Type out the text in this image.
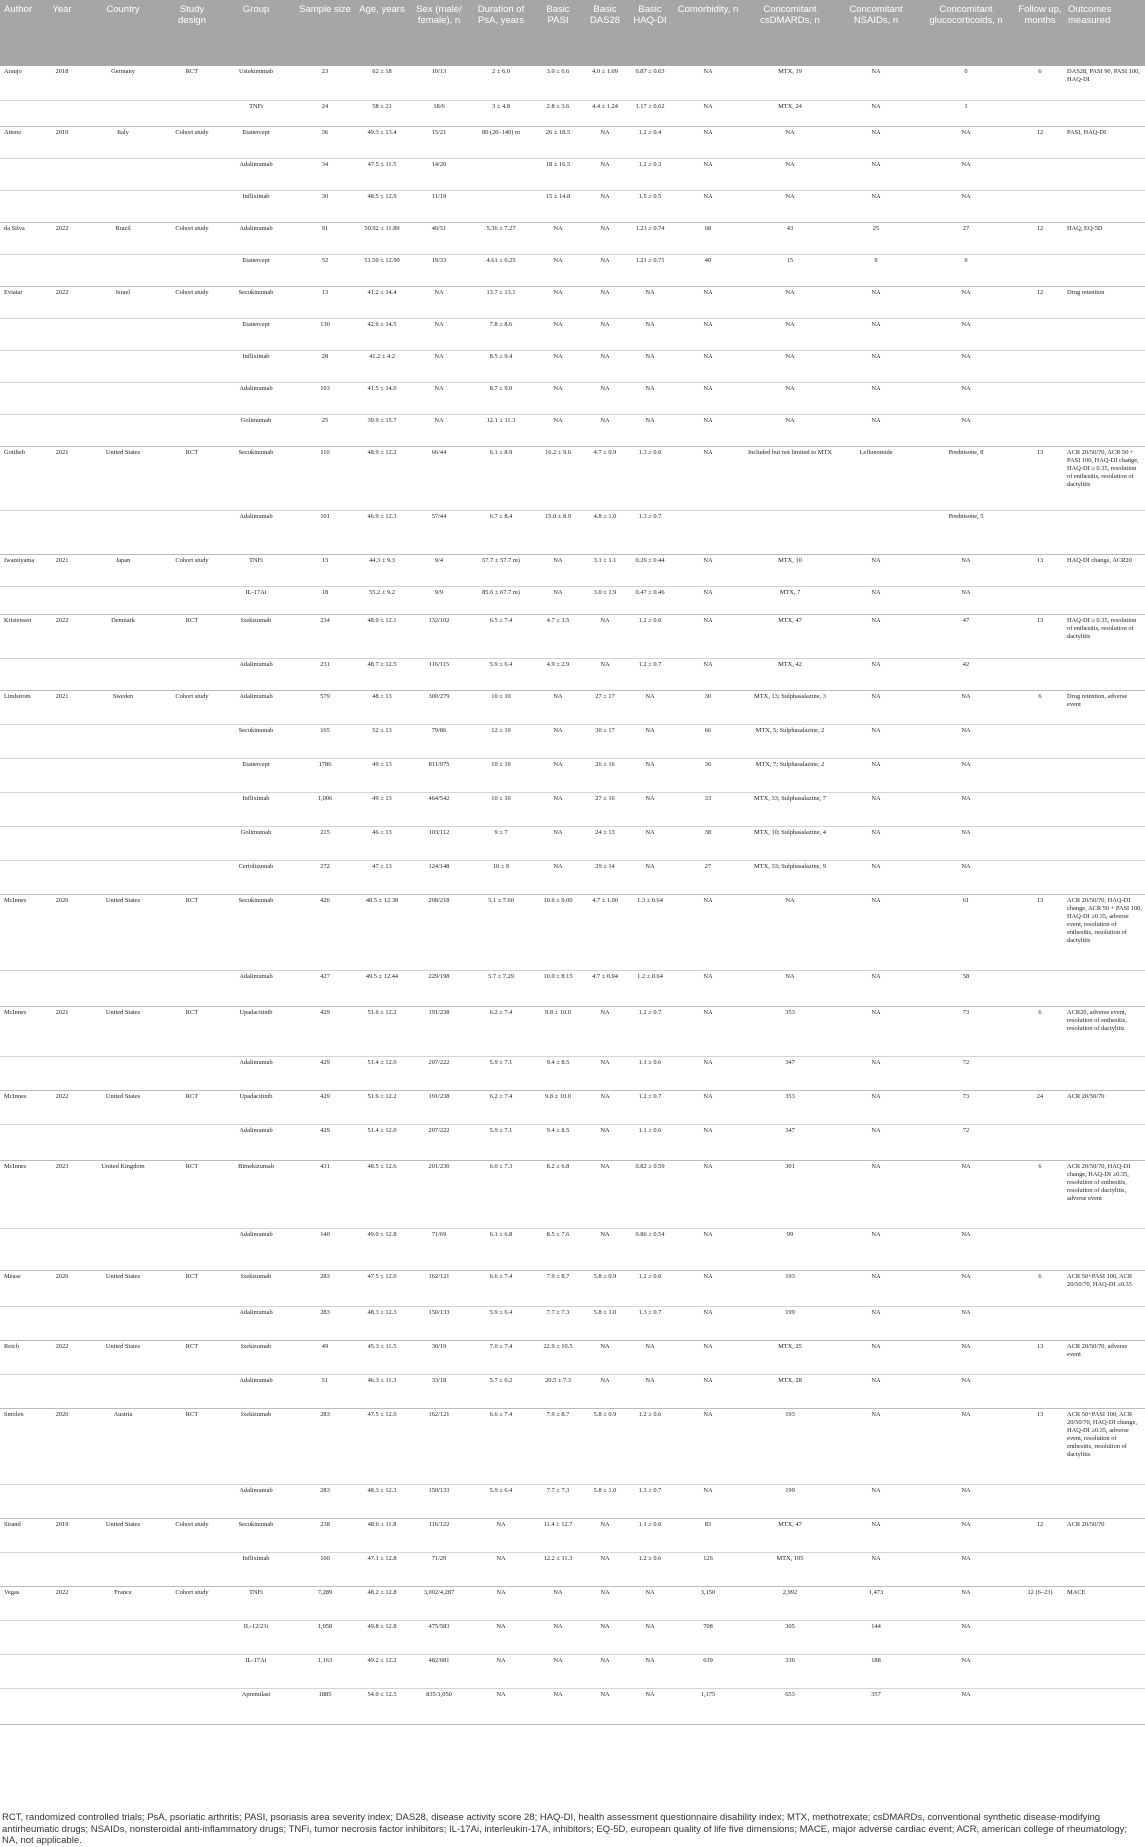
Author	Year	Country	Study design	Group	Sample size	Age, years	Sex (male/ female), n	Duration of PsA, years	Basic PASI	Basic DAS28	Basic HAQ-DI	Comorbidity, n	Concomitant csDMARDs, n	Concomitant NSAIDs, n	Concomitant glucocorticoids, n	Follow up, months	Outcomes measured
Araujo	2018	Germany	RCT	Ustekinumab	23	62 ± 18	10/13	2 ± 6.0	3.0 ± 6.6	4.0 ± 1.09	0.87 ± 0.63	NA	MTX, 19	NA	0	6	DAS28, PASI 90, PASI 100, HAQ-DI
				TNFi	24	58 ± 21	18/6	3 ± 4.8	2.8 ± 3.6	4.4 ± 1.24	1.17 ± 0.62	NA	MTX, 24	NA	1		
Atteno	2010	Italy	Cohort study	Etanercept	36	49.3 ± 13.4	15/21	80 (20–140) m	26 ± 18.5	NA	1.2 ± 0.4	NA	NA	NA	NA	12	PASI, HAQ-DI
				Adalimumab	34	47.5 ± 11.5	14/20		18 ± 16.5	NA	1.2 ± 0.3	NA	NA	NA	NA		
				Infliximab	30	48.5 ± 12.9	11/19		15 ± 14.8	NA	1.5 ± 0.5	NA	NA	NA	NA		
da Silva	2022	Brazil	Cohort study	Adalimumab	91	50.92 ± 11.89	40/51	5.36 ± 7.27	NA	NA	1.23 ± 0.74	68	43	25	27	12	HAQ, EQ-5D
				Etanercept	52	51.50 ± 12.90	19/33	4.61 ± 6.25	NA	NA	1.21 ± 0.71	40	15	9	9		
Eviatar	2022	Israel	Cohort study	Secukinumab	13	41.2 ± 14.4	NA	13.7 ± 13.1	NA	NA	NA	NA	NA	NA	NA	12	Drug retention
				Etanercept	130	42.6 ± 14.5	NA	7.8 ± 8.6	NA	NA	NA	NA	NA	NA	NA		
				Infliximab	28	41.2 ± 4.2	NA	8.5 ± 9.4	NA	NA	NA	NA	NA	NA	NA		
				Adalimumab	103	41.5 ± 14.0	NA	8.7 ± 9.0	NA	NA	NA	NA	NA	NA	NA		
				Golimumab	25	39.9 ± 15.7	NA	12.1 ± 11.3	NA	NA	NA	NA	NA	NA	NA		
Gottlieb	2021	United States	RCT	Secukinumab	110	48.9 ± 12.2	66/44	6.1 ± 8.9	16.2 ± 9.6	4.7 ± 0.9	1.3 ± 0.6	NA	Included but not limited to MTX	Leflunomide	Prednisone, 8	13	ACR 20/50/70, ACR 50 + PASI 100, HAQ-DI change, HAQ-DI ≥ 0.35, resolution of enthesitis, resolution of dactylitis
				Adalimumab	101	46.9 ± 12.3	57/44	6.7 ± 8.4	15.0 ± 8.9	4.8 ± 1.0	1.3 ± 0.7				Prednisone, 5		
Iwamiyama	2021	Japan	Cohort study	TNFi	13	44.3 ± 9.3	9/4	57.7 ± 57.7 m)	NA	3.1 ± 1.1	0.26 ± 0.44	NA	MTX, 10	NA	NA	13	HAQ-DI change, ACR20
				IL-17Ai	18	55.2 ± 9.2	9/9	85.6 ± 67.7 m)	NA	3.0 ± 1.9	0.47 ± 0.46	NA	MTX, 7	NA	NA		
Kristensen	2022	Denmark	RCT	Ixekizumab	234	48.0 ± 12.1	132/102	6.5 ± 7.4	4.7 ± 3.5	NA	1.2 ± 0.6	NA	MTX, 47	NA	47	13	HAQ-DI ≥ 0.35, resolution of enthesitis, resolution of dactylitis
				Adalimumab	231	48.7 ± 12.5	116/115	5.9 ± 6.4	4.9 ± 2.9	NA	1.2 ± 0.7	NA	MTX, 42	NA	42		
Lindstrom	2021	Sweden	Cohort study	Adalimumab	579	48 ± 13	300/279	10 ± 10	NA	27 ± 17	NA	30	MTX, 13; Sulphasalazine, 3	NA	NA	6	Drug retention, adverse event
				Secukinumab	165	52 ± 13	79/86	12 ± 10	NA	30 ± 17	NA	66	MTX, 5; Sulphasalazine, 2	NA	NA		
				Etanercept	1786	49 ± 13	811/975	10 ± 10	NA	26 ± 16	NA	36	MTX, 7; Sulphasalazine, 2	NA	NA		
				Infliximab	1,006	49 ± 13	464/542	10 ± 10	NA	27 ± 16	NA	33	MTX, 33; Sulphasalazine, 7	NA	NA		
				Golimumab	215	46 ± 13	103/112	9 ± 7	NA	24 ± 13	NA	38	MTX, 10; Sulphasalazine, 4	NA	NA		
				Certolizumab	272	47 ± 13	124/148	10 ± 9	NA	29 ± 14	NA	27	MTX, 33; Sulphasalazine, 9	NA	NA		
McInnes	2020	United States	RCT	Secukinumab	426	48.5 ± 12.38	208/218	5.1 ± 7.60	10.6 ± 9.00	4.7 ± 1.00	1.3 ± 0.64	NA	NA	NA	61	13	ACR 20/50/70, HAQ-DI change, ACR 50 + PASI 100, HAQ-DI ≥0.35, adverse event, resolution of enthesitis, resolution of dactylitis
				Adalimumab	427	49.5 ± 12.44	229/198	5.7 ± 7.29	10.0 ± 8.15	4.7 ± 0.94	1.2 ± 0.64	NA	NA	NA	58		
McInnes	2021	United States	RCT	Upadacitinib	429	51.6 ± 12.2	191/238	6.2 ± 7.4	9.8 ± 10.0	NA	1.2 ± 0.7	NA	353	NA	73	6	ACR20, adverse event, resolution of enthesitis, resolution of dactylitis
				Adalimumab	429	51.4 ± 12.0	207/222	5.9 ± 7.1	9.4 ± 8.5	NA	1.1 ± 0.6	NA	347	NA	72		
McInnes	2022	United States	RCT	Upadacitinib	429	51.6 ± 12.2	191/238	6.2 ± 7.4	9.8 ± 10.0	NA	1.2 ± 0.7	NA	353	NA	73	24	ACR 20/50/70
				Adalimumab	429	51.4 ± 12.0	207/222	5.9 ± 7.1	9.4 ± 8.5	NA	1.1 ± 0.6	NA	347	NA	72		
McInnes	2023	United Kingdom	RCT	Bimekizumab	431	48.5 ± 12.6	201/230	6.0 ± 7.3	8.2 ± 6.8	NA	0.82 ± 0.59	NA	301	NA	NA	6	ACR 20/50/70, HAQ-DI change, HAQ-DI ≥0.35, resolution of enthesitis, resolution of dactylitis, adverse event
				Adalimumab	140	49.0 ± 12.8	71/69	6.1 ± 6.8	8.5 ± 7.6	NA	0.86 ± 0.54	NA	99	NA	NA		
Mease	2020	United States	RCT	Ixekizumab	283	47.5 ± 12.0	162/121	6.6 ± 7.4	7.9 ± 8.7	5.8 ± 0.9	1.2 ± 0.6	NA	193	NA	NA	6	ACR 50+PASI 100, ACR 20/50/70, HAQ-DI ≥0.35
				Adalimumab	283	48.3 ± 12.3	150/133	5.9 ± 6.4	7.7 ± 7.3	5.8 ± 1.0	1.3 ± 0.7	NA	199	NA	NA		
Reich	2022	United States	RCT	Ixekizumab	49	45.3 ± 11.5	30/19	7.0 ± 7.4	22.9 ± 10.5	NA	NA	NA	MTX, 25	NA	NA	13	ACR 20/50/70, adverse event
				Adalimumab	51	46.3 ± 11.3	33/18	5.7 ± 6.2	20.5 ± 7.3	NA	NA	NA	MTX, 28	NA	NA		
Smolen	2020	Austria	RCT	Ixekizumab	283	47.5 ± 12.0	162/121	6.6 ± 7.4	7.9 ± 8.7	5.8 ± 0.9	1.2 ± 0.6	NA	193	NA	NA	13	ACR 50+PASI 100, ACR 20/50/70, HAQ-DI change, HAQ-DI ≥0.35, adverse event, resolution of enthesitis, resolution of dactylitis
				Adalimumab	283	48.3 ± 12.3	150/133	5.9 ± 6.4	7.7 ± 7.3	5.8 ± 1.0	1.3 ± 0.7	NA	199	NA	NA		
Strand	2019	United States	Cohort study	Secukinumab	238	48.6 ± 11.8	116/122	NA	11.4 ± 12.7	NA	1.1 ± 0.6	83	MTX, 47	NA	NA	12	ACR 20/50/70
				Infliximab	100	47.1 ± 12.8	71/29	NA	12.2 ± 11.3	NA	1.2 ± 0.6	126	MTX, 105	NA	NA		
Vegas	2022	France	Cohort study	TNFi	7,289	48.2 ± 12.8	3,002/4,287	NA	NA	NA	NA	3,150	2,992	1,473	NA	12 (6–23)	MACE
				IL-12/23i	1,058	49.8 ± 12.8	475/583	NA	NA	NA	NA	708	305	144	NA		
				IL-17Ai	1,163	49.2 ± 12.2	482/681	NA	NA	NA	NA	639	336	188	NA		
				Apremilast	1885	54.0 ± 12.5	835/1,050	NA	NA	NA	NA	1,175	653	357	NA		
RCT, randomized controlled trials; PsA, psoriatic arthritis; PASI, psoriasis area severity index; DAS28, disease activity score 28; HAQ-DI, health assessment questionnaire disability index; MTX, methotrexate; csDMARDs, conventional synthetic disease-modifying antirheumatic drugs; NSAIDs, nonsteroidal anti-inflammatory drugs; TNFi, tumor necrosis factor inhibitors; IL-17Ai, interleukin-17A, inhibitors; EQ-5D, european quality of life five dimensions; MACE, major adverse cardiac event; ACR, american college of rheumatology; NA, not applicable.
